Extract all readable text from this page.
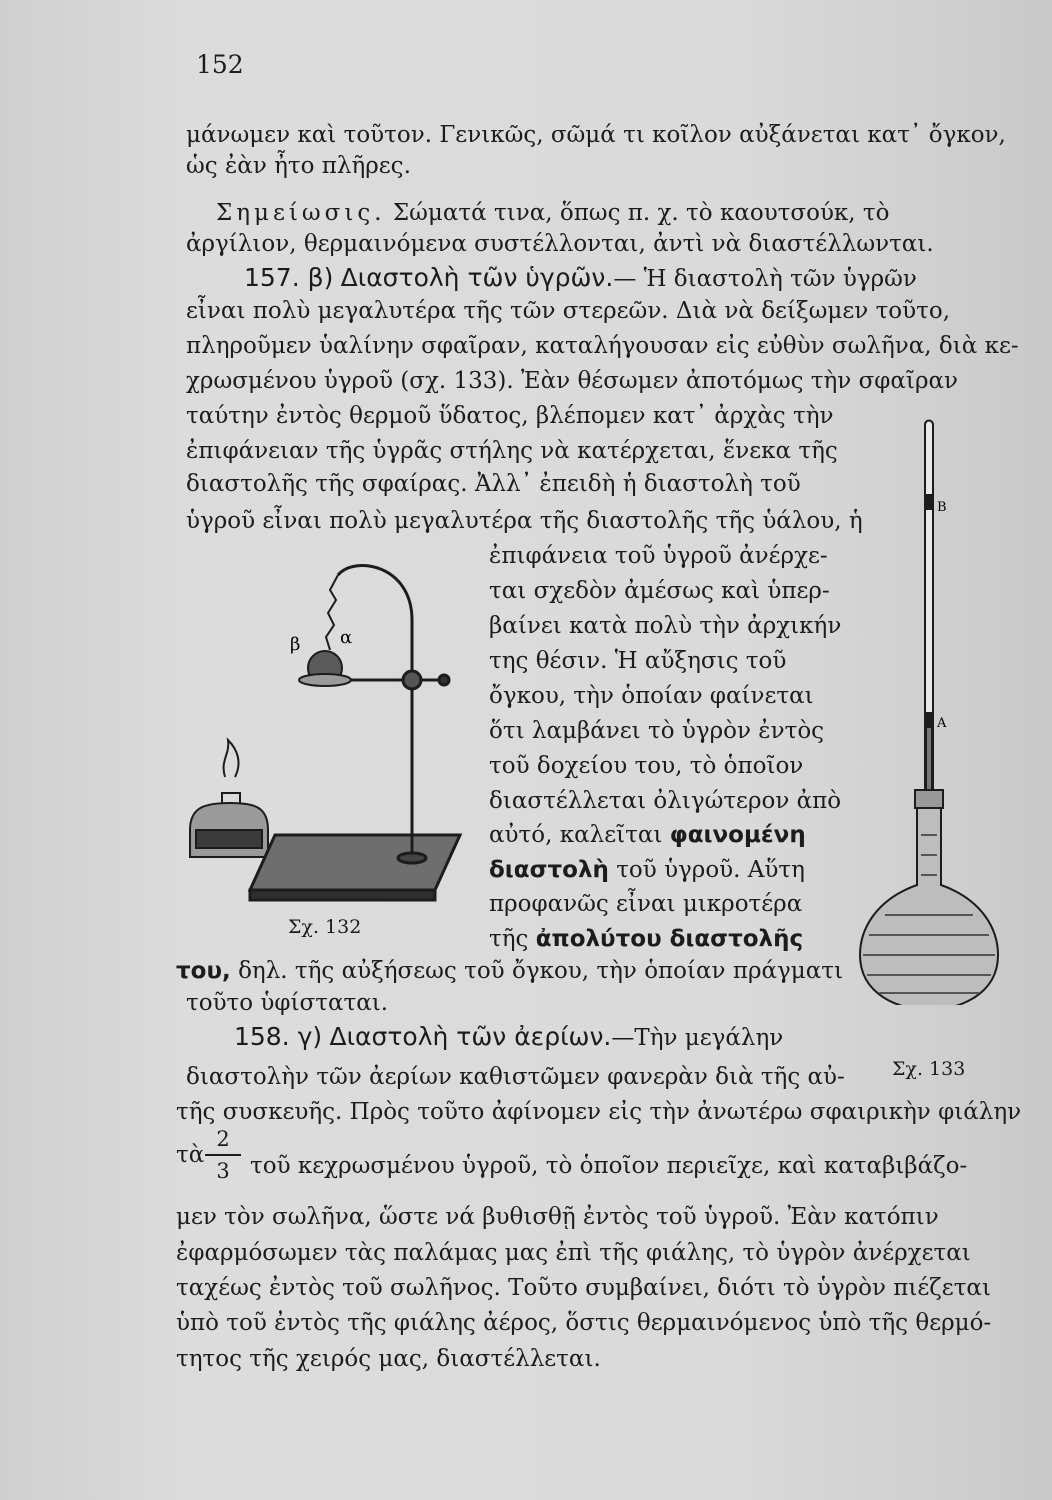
152
μάνωμεν καὶ τοῦτον. Γενικῶς, σῶμά τι κοῖλον αὐξάνεται κατ᾽ ὄγκον,
ὡς ἐὰν ἦτο πλῆρες.
Σημείωσις. Σώματά τινα, ὅπως π. χ. τὸ καουτσούκ, τὸ
ἀργίλιον, θερμαινόμενα συστέλλονται, ἀντὶ νὰ διαστέλλωνται.
157. β) Διαστολὴ τῶν ὑγρῶν.— Ἡ διαστολὴ τῶν ὑγρῶν
εἶναι πολὺ μεγαλυτέρα τῆς τῶν στερεῶν. Διὰ νὰ δείξωμεν τοῦτο,
πληροῦμεν ὑαλίνην σφαῖραν, καταλήγουσαν εἰς εὐθὺν σωλῆνα, διὰ κε-
χρωσμένου ὑγροῦ (σχ. 133). Ἐὰν θέσωμεν ἀποτόμως τὴν σφαῖραν
ταύτην ἐντὸς θερμοῦ ὕδατος, βλέπομεν κατ᾽ ἀρχὰς τὴν
ἐπιφάνειαν τῆς ὑγρᾶς στήλης νὰ κατέρχεται, ἕνεκα τῆς
διαστολῆς τῆς σφαίρας. Ἀλλ᾽ ἐπειδὴ ἡ διαστολὴ τοῦ
ὑγροῦ εἶναι πολὺ μεγαλυτέρα τῆς διαστολῆς τῆς ὑάλου, ἡ
ἐπιφάνεια τοῦ ὑγροῦ ἀνέρχε-
ται σχεδὸν ἀμέσως καὶ ὑπερ-
βαίνει κατὰ πολὺ τὴν ἀρχικήν
της θέσιν. Ἡ αὔξησις τοῦ
ὄγκου, τὴν ὁποίαν φαίνεται
ὅτι λαμβάνει τὸ ὑγρὸν ἐντὸς
τοῦ δοχείου του, τὸ ὁποῖον
διαστέλλεται ὀλιγώτερον ἀπὸ
αὐτό, καλεῖται φαινομένη
διαστολὴ τοῦ ὑγροῦ. Αὕτη
προφανῶς εἶναι μικροτέρα
τῆς ἀπολύτου διαστολῆς
του, δηλ. τῆς αὐξήσεως τοῦ ὄγκου, τὴν ὁποίαν πράγματι
τοῦτο ὑφίσταται.
158. γ) Διαστολὴ τῶν ἀερίων.—Τὴν μεγάλην
διαστολὴν τῶν ἀερίων καθιστῶμεν φανερὰν διὰ τῆς αὐ-
τῆς συσκευῆς. Πρὸς τοῦτο ἀφίνομεν εἰς τὴν ἀνωτέρω σφαιρικὴν φιάλην
τὰ
2
3 τοῦ κεχρωσμένου ὑγροῦ, τὸ ὁποῖον περιεῖχε, καὶ καταβιβάζο-
μεν τὸν σωλῆνα, ὥστε νά βυθισθῇ ἐντὸς τοῦ ὑγροῦ. Ἐὰν κατόπιν
ἐφαρμόσωμεν τὰς παλάμας μας ἐπὶ τῆς φιάλης, τὸ ὑγρὸν ἀνέρχεται
ταχέως ἐντὸς τοῦ σωλῆνος. Τοῦτο συμβαίνει, διότι τὸ ὑγρὸν πιέζεται
ὑπὸ τοῦ ἐντὸς τῆς φιάλης ἀέρος, ὅστις θερμαινόμενος ὑπὸ τῆς θερμό-
τητος τῆς χειρός μας, διαστέλλεται.
β α
Σχ. 132
Β
Α
Σχ. 133
